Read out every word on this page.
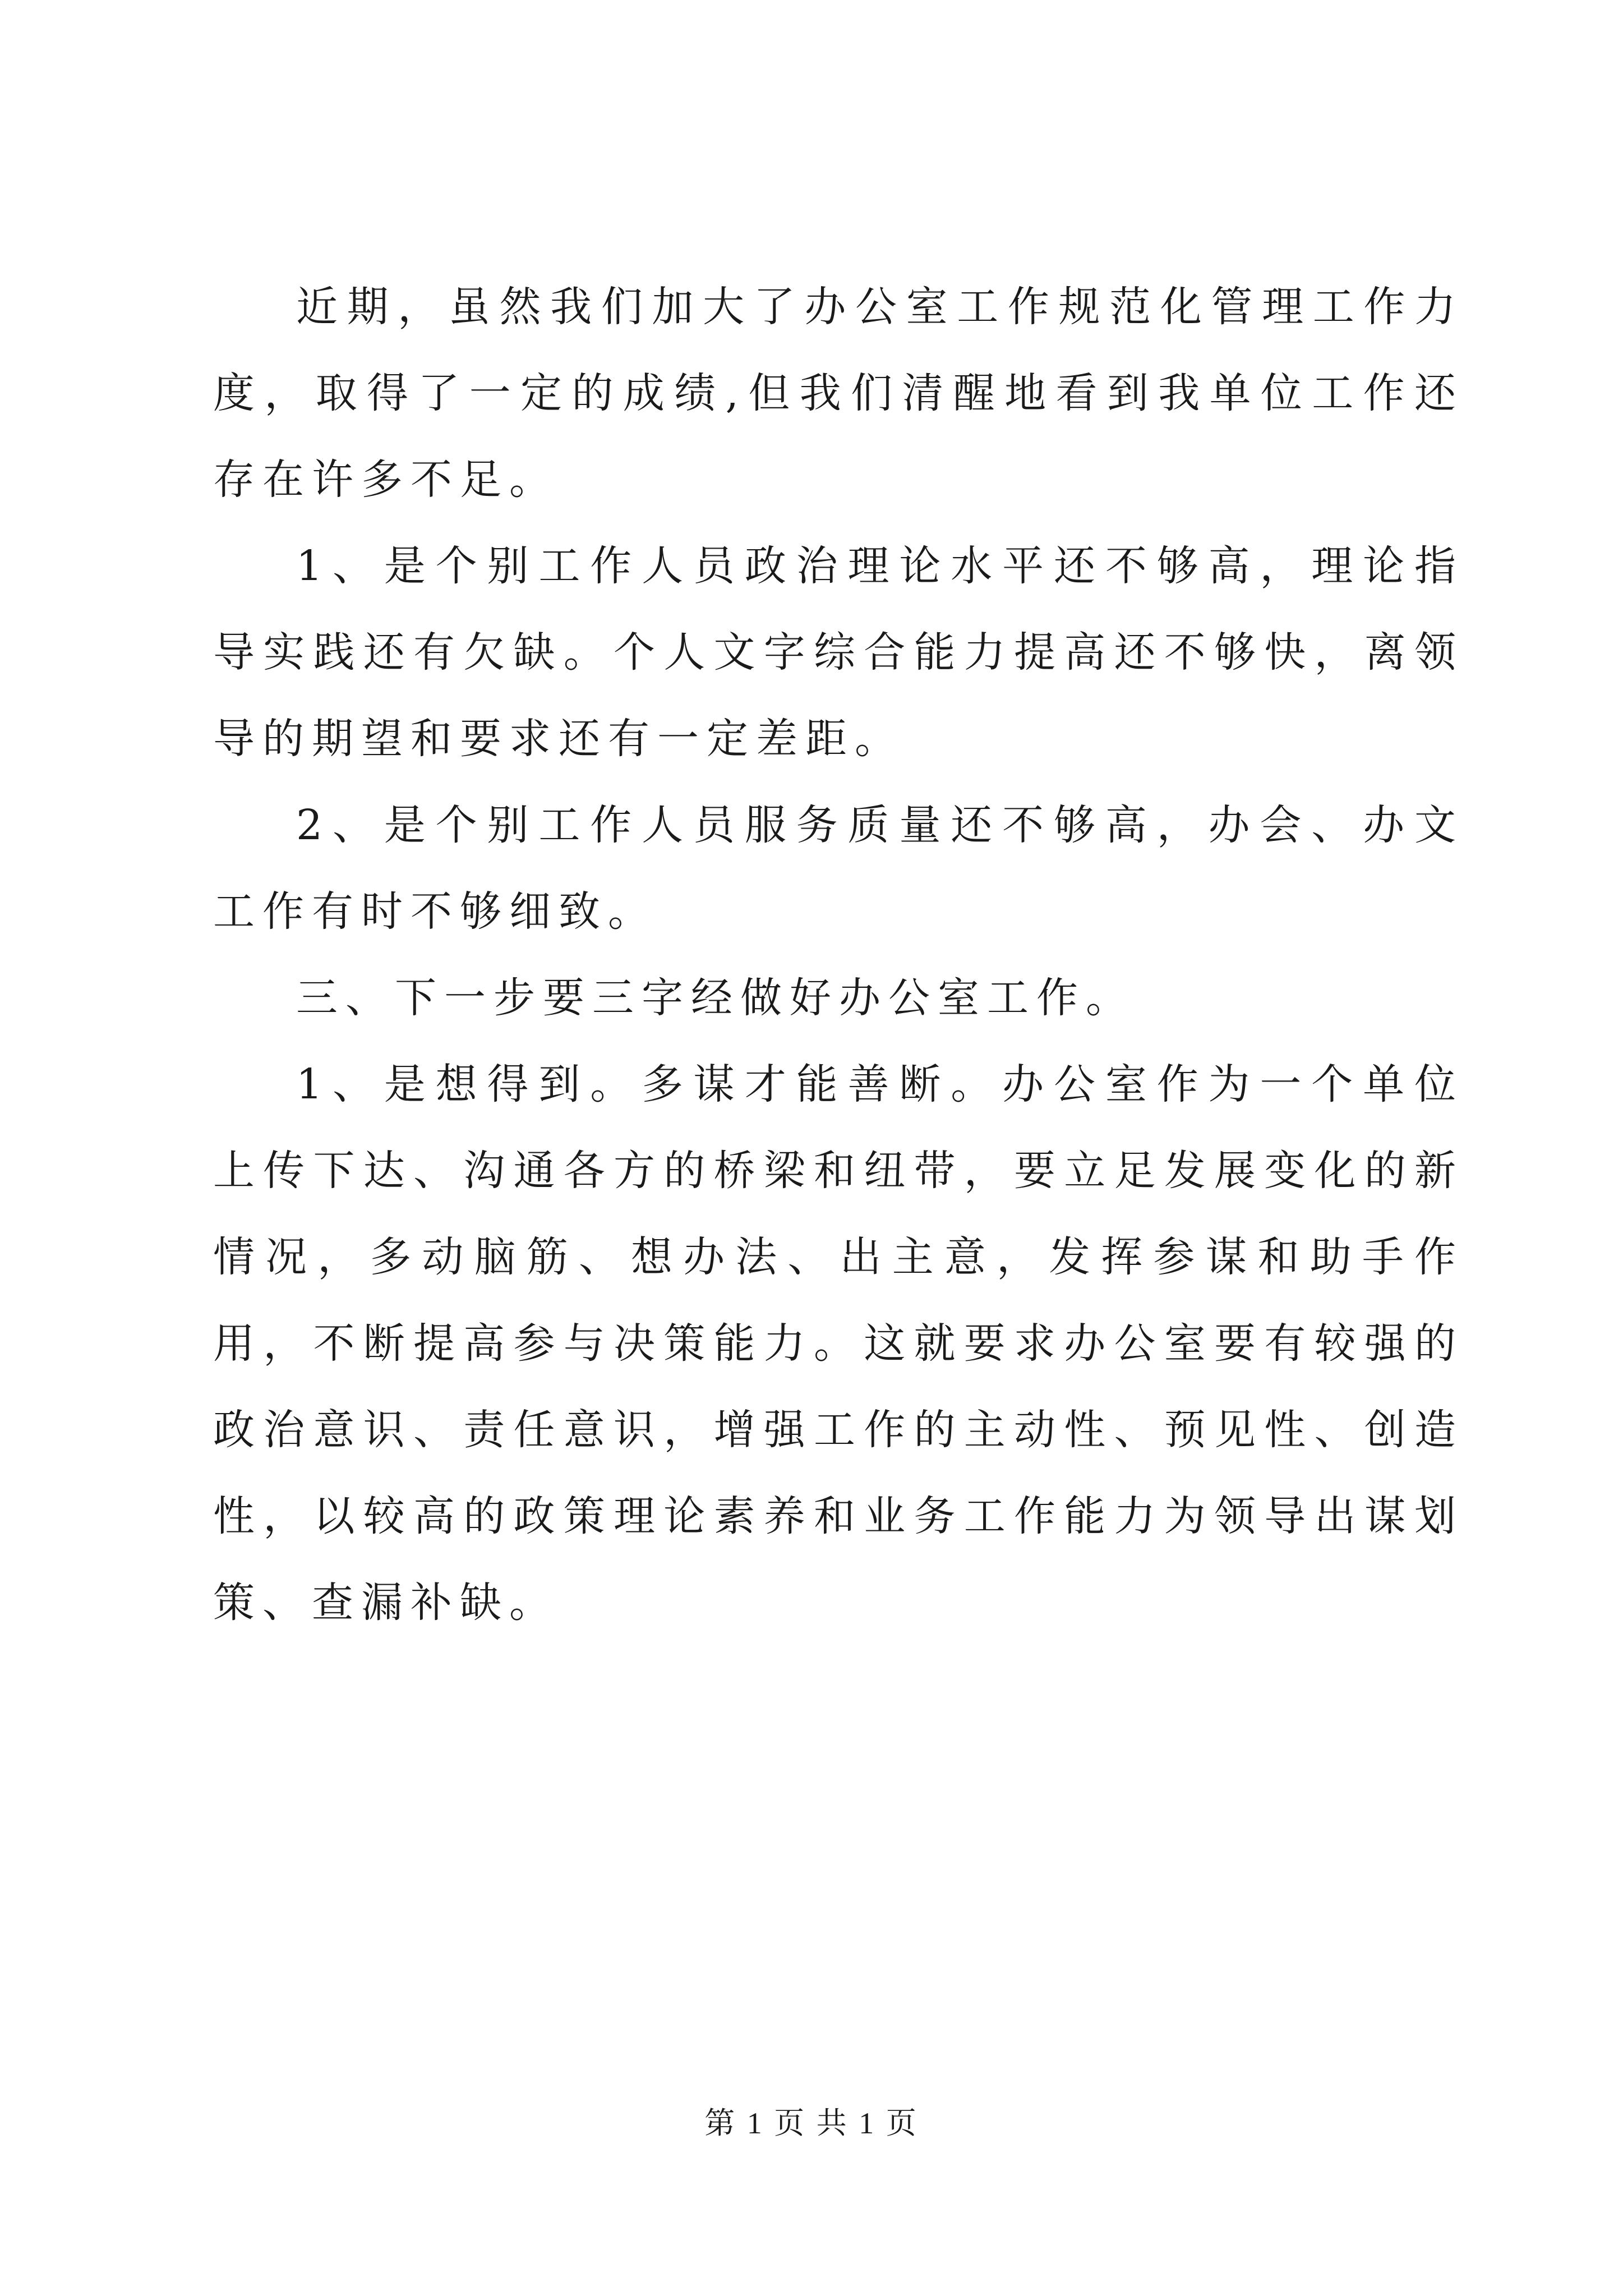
近期，虽然我们加大了办公室工作规范化管理工作力度，取得了一定的成绩,但我们清醒地看到我单位工作还存在许多不足。

1、是个别工作人员政治理论水平还不够高，理论指导实践还有欠缺。个人文字综合能力提高还不够快，离领导的期望和要求还有一定差距。

2、是个别工作人员服务质量还不够高，办会、办文工作有时不够细致。

三、下一步要三字经做好办公室工作。

1、是想得到。多谋才能善断。办公室作为一个单位上传下达、沟通各方的桥梁和纽带，要立足发展变化的新情况，多动脑筋、想办法、出主意，发挥参谋和助手作用，不断提高参与决策能力。这就要求办公室要有较强的政治意识、责任意识，增强工作的主动性、预见性、创造性，以较高的政策理论素养和业务工作能力为领导出谋划策、查漏补缺。

第 1 页 共 1 页
